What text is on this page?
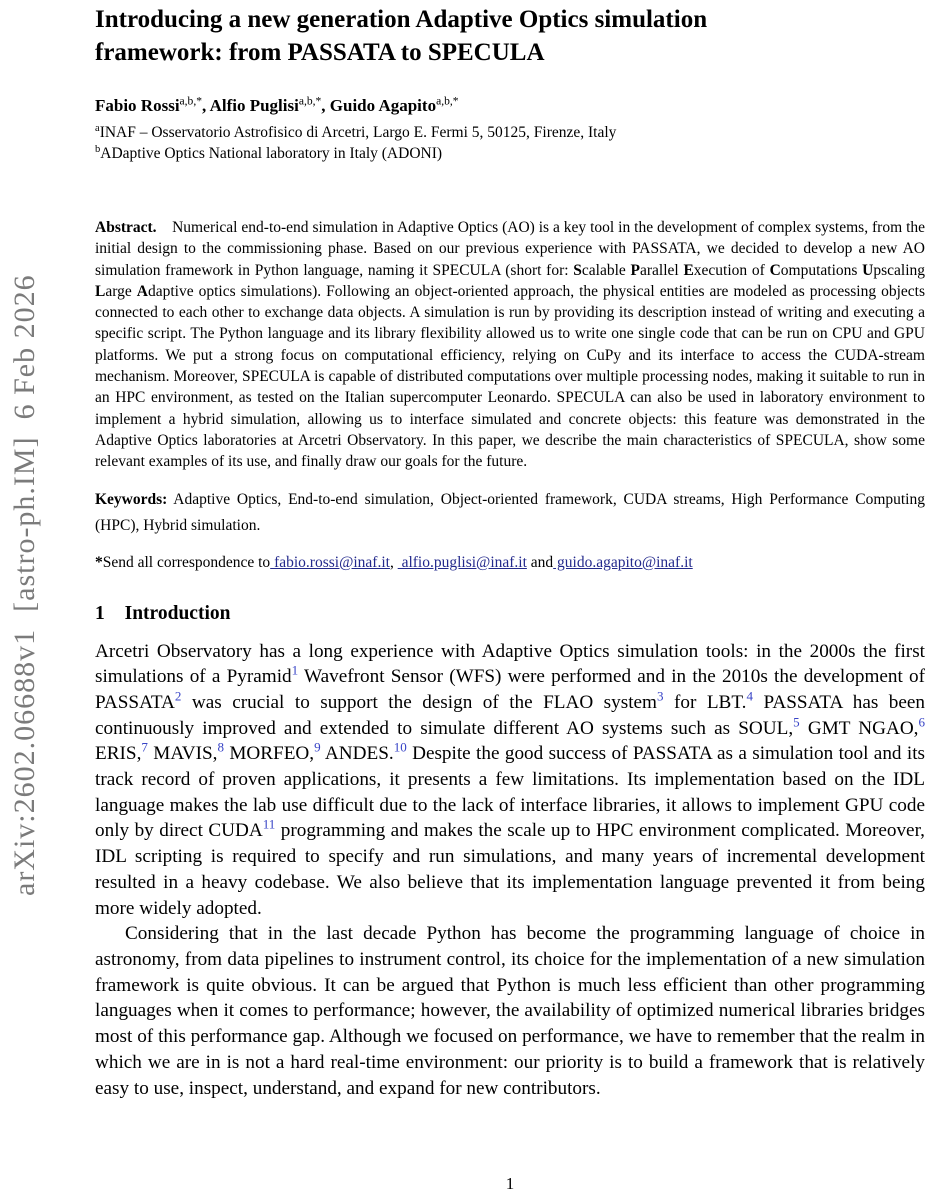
arXiv:2602.06688v1  [astro-ph.IM]  6 Feb 2026
Introducing a new generation Adaptive Optics simulation
framework: from PASSATA to SPECULA

Fabio Rossi$^{a,b,*}$, Alfio Puglisi$^{a,b,*}$, Guido Agapito$^{a,b,*}$

$^a$INAF – Osservatorio Astrofisico di Arcetri, Largo E. Fermi 5, 50125, Firenze, Italy

$^b$ADaptive Optics National laboratory in Italy (ADONI)

Abstract.  Numerical end-to-end simulation in Adaptive Optics (AO) is a key tool in the development of complex systems, from the initial design to the commissioning phase. Based on our previous experience with PASSATA, we decided to develop a new AO simulation framework in Python language, naming it SPECULA (short for: Scalable Parallel Execution of Computations Upscaling Large Adaptive optics simulations). Following an object-oriented approach, the physical entities are modeled as processing objects connected to each other to exchange data objects. A simulation is run by providing its description instead of writing and executing a specific script. The Python language and its library flexibility allowed us to write one single code that can be run on CPU and GPU platforms. We put a strong focus on computational efficiency, relying on CuPy and its interface to access the CUDA-stream mechanism. Moreover, SPECULA is capable of distributed computations over multiple processing nodes, making it suitable to run in an HPC environment, as tested on the Italian supercomputer Leonardo. SPECULA can also be used in laboratory environment to implement a hybrid simulation, allowing us to interface simulated and concrete objects: this feature was demonstrated in the Adaptive Optics laboratories at Arcetri Observatory. In this paper, we describe the main characteristics of SPECULA, show some relevant examples of its use, and finally draw our goals for the future.

Keywords: Adaptive Optics, End-to-end simulation, Object-oriented framework, CUDA streams, High Performance Computing (HPC), Hybrid simulation.

*Send all correspondence to fabio.rossi@inaf.it,  alfio.puglisi@inaf.it and guido.agapito@inaf.it

1 Introduction

Arcetri Observatory has a long experience with Adaptive Optics simulation tools: in the 2000s the first simulations of a Pyramid$^1$ Wavefront Sensor (WFS) were performed and in the 2010s the development of PASSATA$^2$ was crucial to support the design of the FLAO system$^3$ for LBT.$^4$ PASSATA has been continuously improved and extended to simulate different AO systems such as SOUL,$^5$ GMT NGAO,$^6$ ERIS,$^7$ MAVIS,$^8$ MORFEO,$^9$ ANDES.$^{10}$ Despite the good success of PASSATA as a simulation tool and its track record of proven applications, it presents a few limitations. Its implementation based on the IDL language makes the lab use difficult due to the lack of interface libraries, it allows to implement GPU code only by direct CUDA$^{11}$ programming and makes the scale up to HPC environment complicated. Moreover, IDL scripting is required to specify and run simulations, and many years of incremental development resulted in a heavy codebase. We also believe that its implementation language prevented it from being more widely adopted.

Considering that in the last decade Python has become the programming language of choice in astronomy, from data pipelines to instrument control, its choice for the implementation of a new simulation framework is quite obvious. It can be argued that Python is much less efficient than other programming languages when it comes to performance; however, the availability of optimized numerical libraries bridges most of this performance gap. Although we focused on performance, we have to remember that the realm in which we are in is not a hard real-time environment: our priority is to build a framework that is relatively easy to use, inspect, understand, and expand for new contributors.

1
